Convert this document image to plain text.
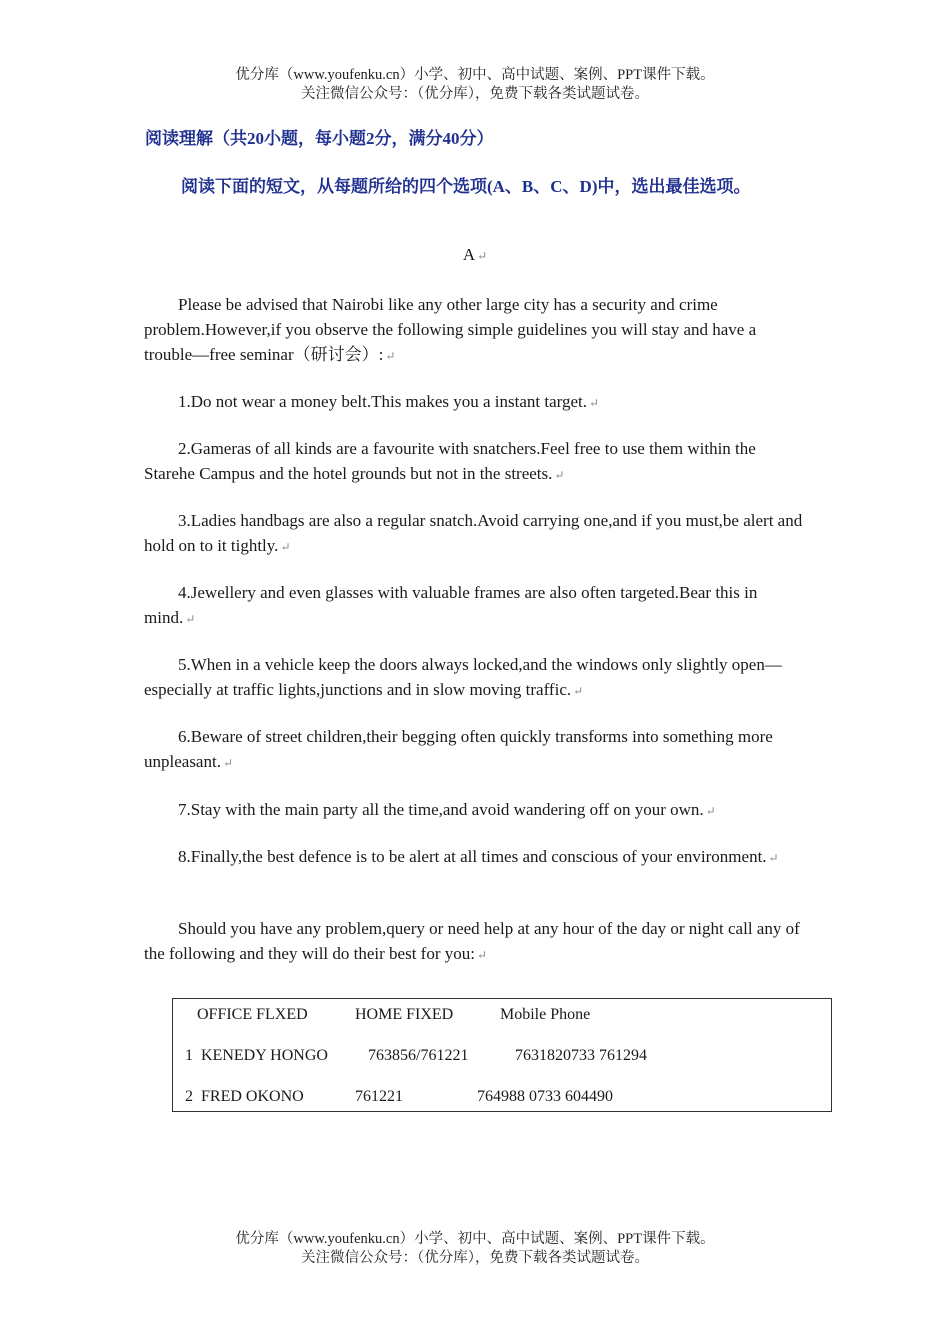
优分库（www.youfenku.cn）小学、初中、高中试题、案例、PPT课件下载。
关注微信公众号：（优分库），免费下载各类试题试卷。
阅读理解（共20小题，每小题2分，满分40分）
阅读下面的短文，从每题所给的四个选项(A、B、C、D)中，选出最佳选项。
A ↵
Please be advised that Nairobi like any other large city has a security and crime problem.However,if you observe the following simple guidelines you will stay and have a trouble—free seminar（研讨会）: ↵
1.Do not wear a money belt.This makes you a instant target. ↵
2.Gameras of all kinds are a favourite with snatchers.Feel free to use them within the Starehe Campus and the hotel grounds but not in the streets. ↵
3.Ladies handbags are also a regular snatch.Avoid carrying one,and if you must,be alert and hold on to it tightly. ↵
4.Jewellery and even glasses with valuable frames are also often targeted.Bear this in mind. ↵
5.When in a vehicle keep the doors always locked,and the windows only slightly open—especially at traffic lights,junctions and in slow moving traffic. ↵
6.Beware of street children,their begging often quickly transforms into something more unpleasant. ↵
7.Stay with the main party all the time,and avoid wandering off on your own. ↵
8.Finally,the best defence is to be alert at all times and conscious of your environment. ↵
Should you have any problem,query or need help at any hour of the day or night call any of the following and they will do their best for you: ↵
OFFICE FLXED	HOME FIXED	Mobile Phone
1 KENEDY HONGO	763856/761221	7631820733 761294
2 FRED OKONO	761221	764988 0733 604490
优分库（www.youfenku.cn）小学、初中、高中试题、案例、PPT课件下载。
关注微信公众号：（优分库），免费下载各类试题试卷。
